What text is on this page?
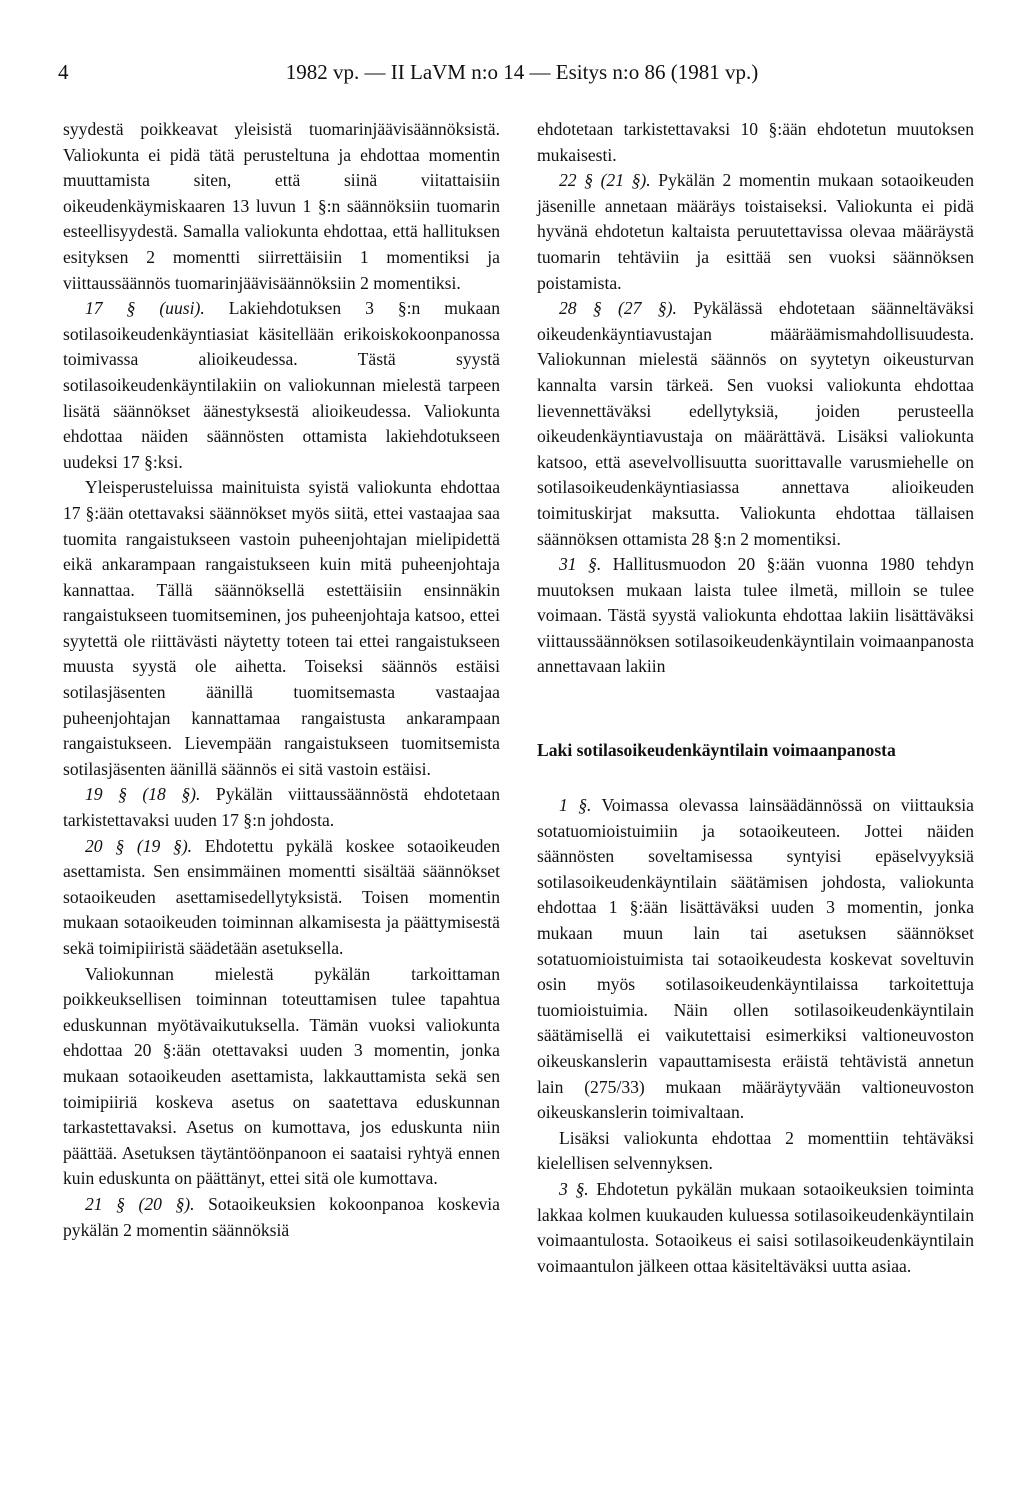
4	1982 vp. — II LaVM n:o 14 — Esitys n:o 86 (1981 vp.)

syydestä poikkeavat yleisistä tuomarinjäävisäännöksistä. Valiokunta ei pidä tätä perusteltuna ja ehdottaa momentin muuttamista siten, että siinä viitattaisiin oikeudenkäymiskaaren 13 luvun 1 §:n säännöksiin tuomarin esteellisyydestä. Samalla valiokunta ehdottaa, että hallituksen esityksen 2 momentti siirrettäisiin 1 momentiksi ja viittaussäännös tuomarinjäävisäännöksiin 2 momentiksi.

17 § (uusi). Lakiehdotuksen 3 §:n mukaan sotilasoikeudenkäyntiasiat käsitellään erikoiskokoonpanossa toimivassa alioikeudessa. Tästä syystä sotilasoikeudenkäyntilakiin on valiokunnan mielestä tarpeen lisätä säännökset äänestyksestä alioikeudessa. Valiokunta ehdottaa näiden säännösten ottamista lakiehdotukseen uudeksi 17 §:ksi.

Yleisperusteluissa mainituista syistä valiokunta ehdottaa 17 §:ään otettavaksi säännökset myös siitä, ettei vastaajaa saa tuomita rangaistukseen vastoin puheenjohtajan mielipidettä eikä ankarampaan rangaistukseen kuin mitä puheenjohtaja kannattaa. Tällä säännöksellä estettäisiin ensinnäkin rangaistukseen tuomitseminen, jos puheenjohtaja katsoo, ettei syytettä ole riittävästi näytetty toteen tai ettei rangaistukseen muusta syystä ole aihetta. Toiseksi säännös estäisi sotilasjäsenten äänillä tuomitsemasta vastaajaa puheenjohtajan kannattamaa rangaistusta ankarampaan rangaistukseen. Lievempään rangaistukseen tuomitsemista sotilasjäsenten äänillä säännös ei sitä vastoin estäisi.

19 § (18 §). Pykälän viittaussäännöstä ehdotetaan tarkistettavaksi uuden 17 §:n johdosta.

20 § (19 §). Ehdotettu pykälä koskee sotaoikeuden asettamista. Sen ensimmäinen momentti sisältää säännökset sotaoikeuden asettamisedellytyksistä. Toisen momentin mukaan sotaoikeuden toiminnan alkamisesta ja päättymisestä sekä toimipiiristä säädetään asetuksella.

Valiokunnan mielestä pykälän tarkoittaman poikkeuksellisen toiminnan toteuttamisen tulee tapahtua eduskunnan myötävaikutuksella. Tämän vuoksi valiokunta ehdottaa 20 §:ään otettavaksi uuden 3 momentin, jonka mukaan sotaoikeuden asettamista, lakkauttamista sekä sen toimipiiriä koskeva asetus on saatettava eduskunnan tarkastettavaksi. Asetus on kumottava, jos eduskunta niin päättää. Asetuksen täytäntöönpanoon ei saataisi ryhtyä ennen kuin eduskunta on päättänyt, ettei sitä ole kumottava.

21 § (20 §). Sotaoikeuksien kokoonpanoa koskevia pykälän 2 momentin säännöksiä

ehdotetaan tarkistettavaksi 10 §:ään ehdotetun muutoksen mukaisesti.

22 § (21 §). Pykälän 2 momentin mukaan sotaoikeuden jäsenille annetaan määräys toistaiseksi. Valiokunta ei pidä hyvänä ehdotetun kaltaista peruutettavissa olevaa määräystä tuomarin tehtäviin ja esittää sen vuoksi säännöksen poistamista.

28 § (27 §). Pykälässä ehdotetaan säänneltäväksi oikeudenkäyntiavustajan määräämismahdollisuudesta. Valiokunnan mielestä säännös on syytetyn oikeusturvan kannalta varsin tärkeä. Sen vuoksi valiokunta ehdottaa lievennettäväksi edellytyksiä, joiden perusteella oikeudenkäyntiavustaja on määrättävä. Lisäksi valiokunta katsoo, että asevelvollisuutta suorittavalle varusmiehelle on sotilasoikeudenkäyntiasiassa annettava alioikeuden toimituskirjat maksutta. Valiokunta ehdottaa tällaisen säännöksen ottamista 28 §:n 2 momentiksi.

31 §. Hallitusmuodon 20 §:ään vuonna 1980 tehdyn muutoksen mukaan laista tulee ilmetä, milloin se tulee voimaan. Tästä syystä valiokunta ehdottaa lakiin lisättäväksi viittaussäännöksen sotilasoikeudenkäyntilain voimaanpanosta annettavaan lakiin

Laki sotilasoikeudenkäyntilain voimaanpanosta

1 §. Voimassa olevassa lainsäädännössä on viittauksia sotatuomioistuimiin ja sotaoikeuteen. Jottei näiden säännösten soveltamisessa syntyisi epäselvyyksiä sotilasoikeudenkäyntilain säätämisen johdosta, valiokunta ehdottaa 1 §:ään lisättäväksi uuden 3 momentin, jonka mukaan muun lain tai asetuksen säännökset sotatuomioistuimista tai sotaoikeudesta koskevat soveltuvin osin myös sotilasoikeudenkäyntilaissa tarkoitettuja tuomioistuimia. Näin ollen sotilasoikeudenkäyntilain säätämisellä ei vaikutettaisi esimerkiksi valtioneuvoston oikeuskanslerin vapauttamisesta eräistä tehtävistä annetun lain (275/33) mukaan määräytyvään valtioneuvoston oikeuskanslerin toimivaltaan.

Lisäksi valiokunta ehdottaa 2 momenttiin tehtäväksi kielellisen selvennyksen.

3 §. Ehdotetun pykälän mukaan sotaoikeuksien toiminta lakkaa kolmen kuukauden kuluessa sotilasoikeudenkäyntilain voimaantulosta. Sotaoikeus ei saisi sotilasoikeudenkäyntilain voimaantulon jälkeen ottaa käsiteltäväksi uutta asiaa.
